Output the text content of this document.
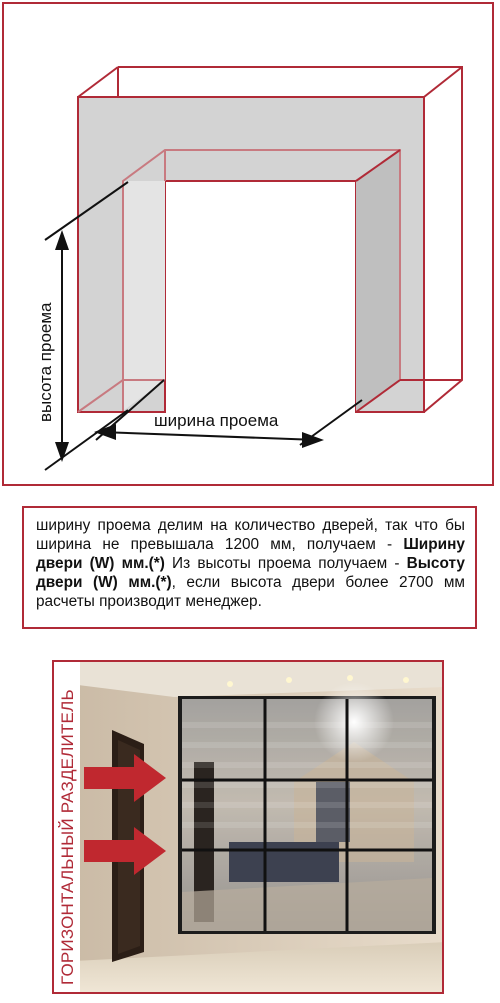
высота проема	ширина проема
ширину проема делим на количество дверей, так что бы ширина не превышала 1200 мм, получаем - Ширину двери (W) мм.(*) Из высоты проема получаем - Высоту двери (W) мм.(*), если высота двери более 2700 мм расчеты производит менеджер.
ГОРИЗОНТАЛЬНЫЙ РАЗДЕЛИТЕЛЬ
